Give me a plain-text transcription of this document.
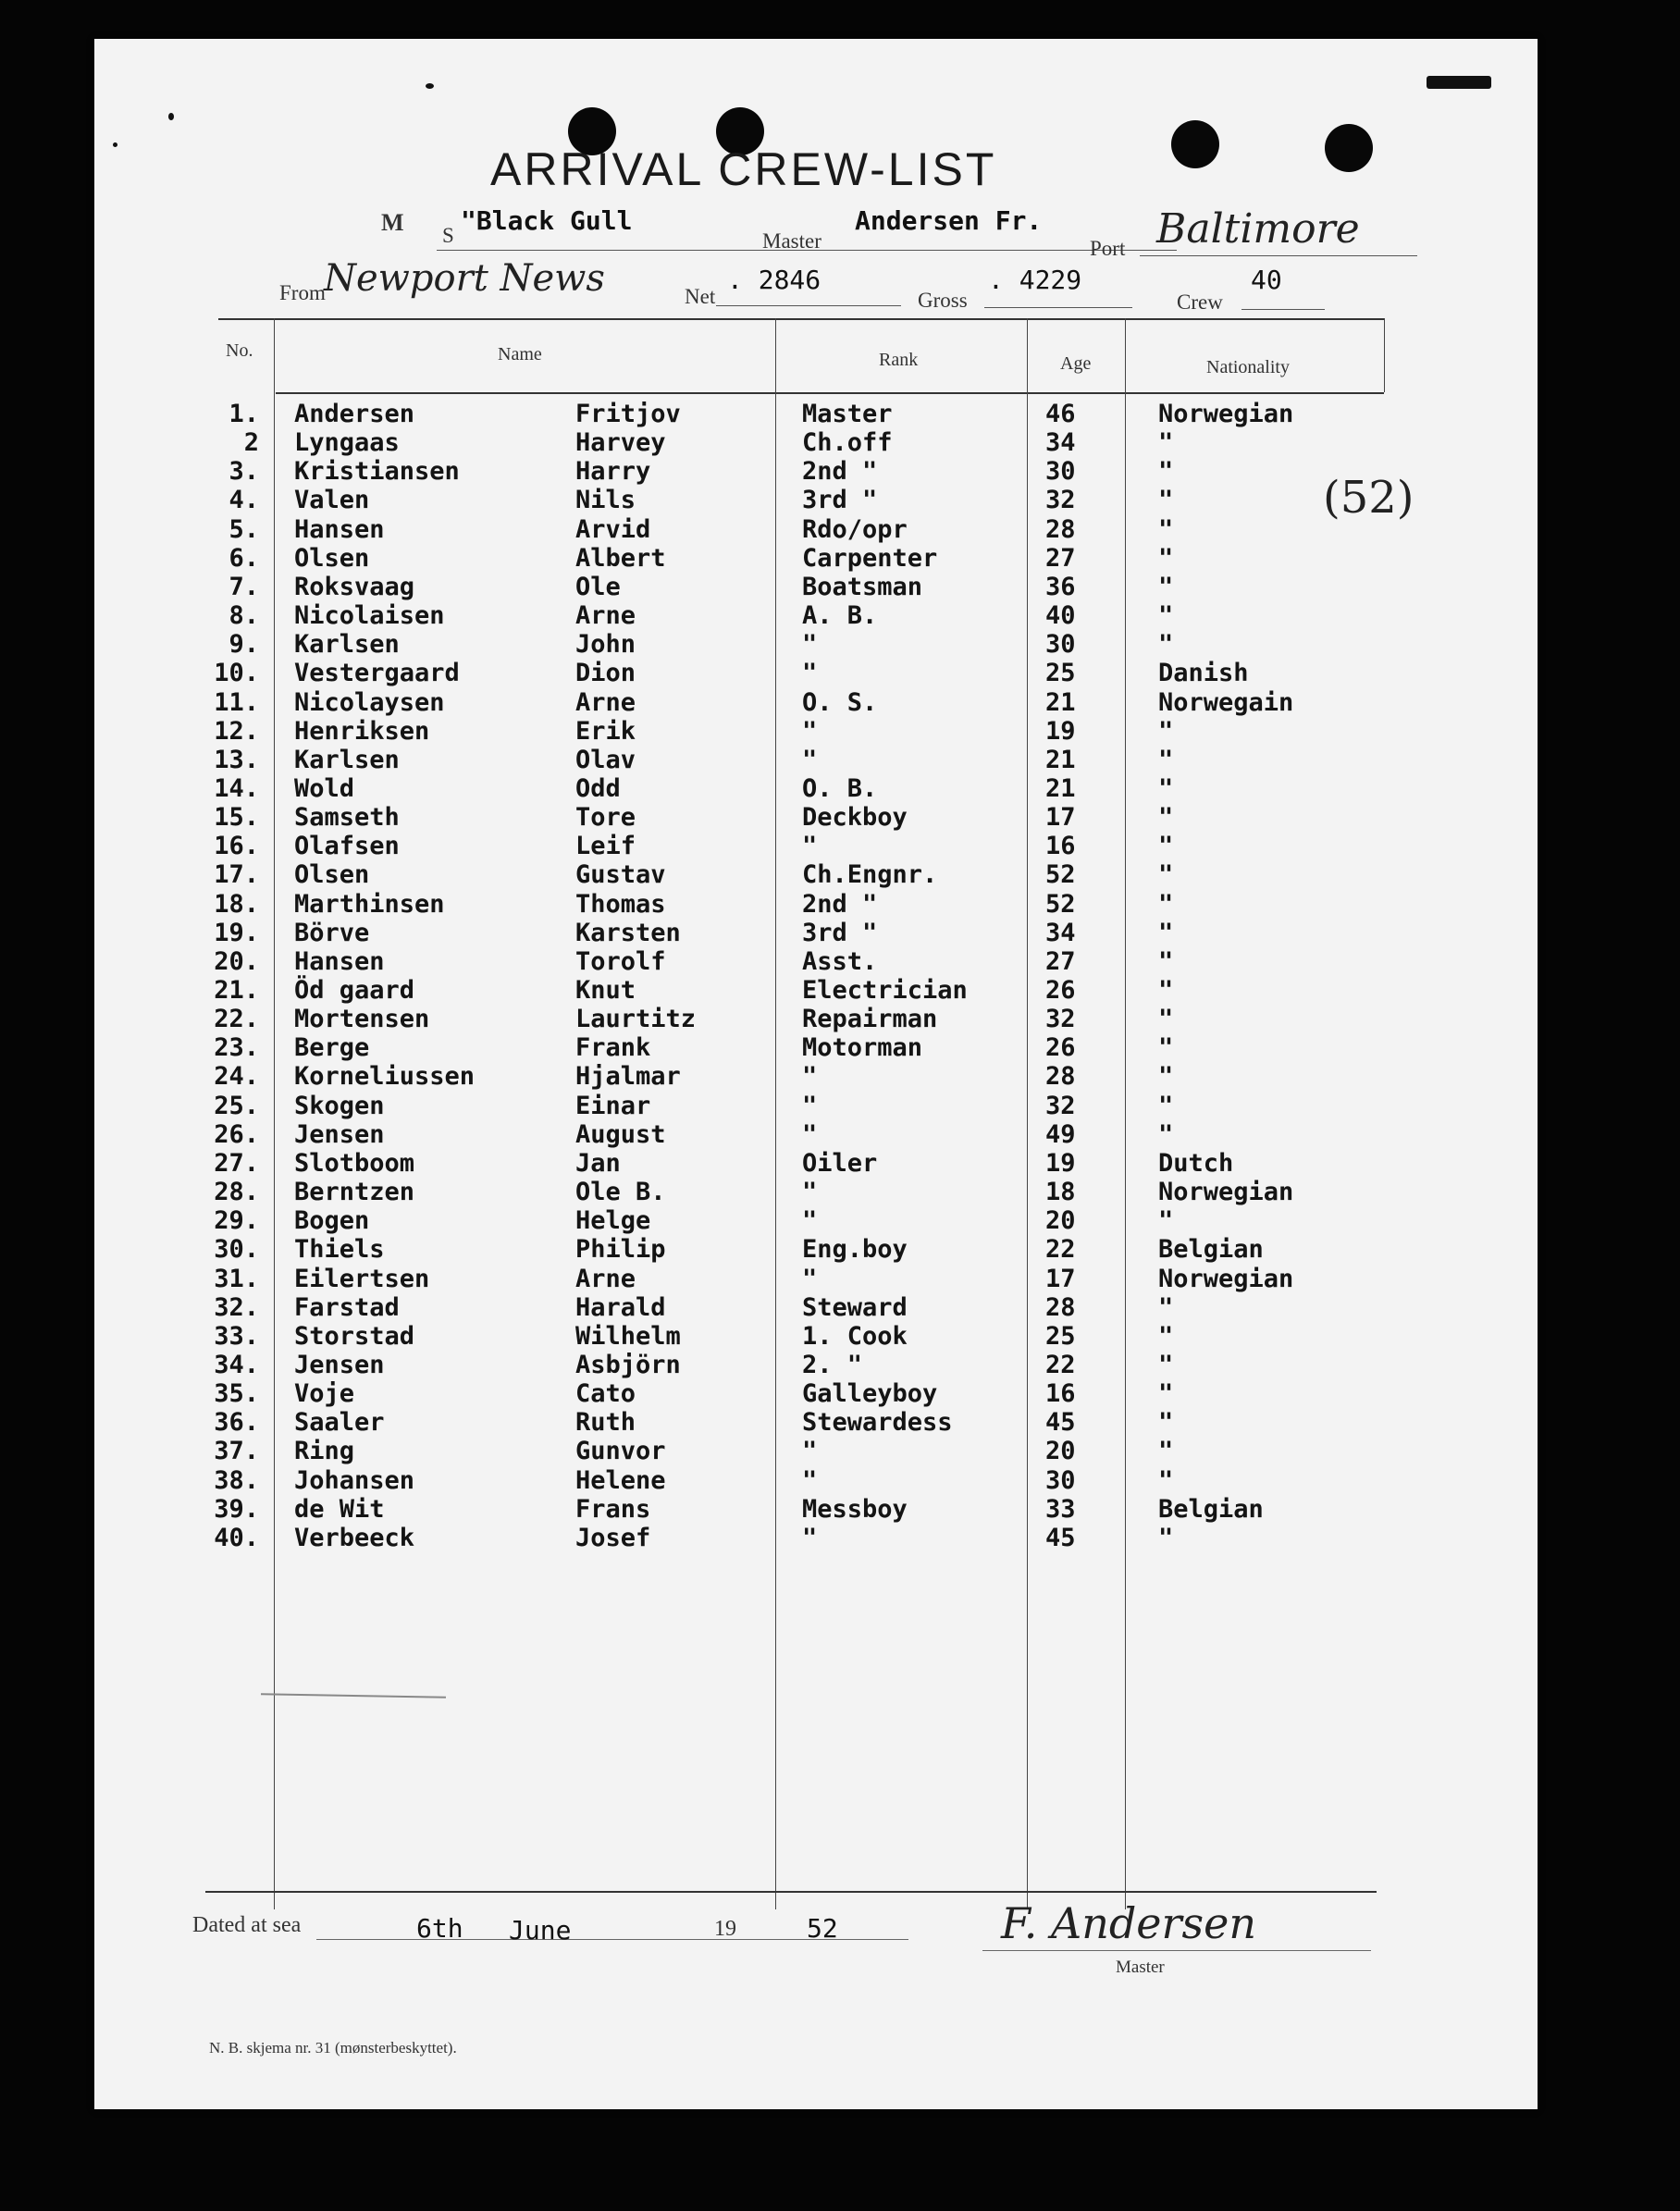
ARRIVAL CREW-LIST
M S "Black Gull
Master
Andersen Fr.
Port Baltimore
From
Newport News	Net
. 2846
Gross
. 4229
Crew
40
No.	Name	Rank	Age	Nationality
(52)
1. Andersen	Fritjov	Master	46	Norwegian
2 Lyngaas	Harvey	Ch.off	34	"
3. Kristiansen	Harry	2nd "	30	"
4. Valen	Nils	3rd "	32	"
5. Hansen	Arvid	Rdo/opr	28	"
6. Olsen	Albert	Carpenter	27	"
7. Roksvaag	Ole	Boatsman	36	"
8. Nicolaisen	Arne	A. B.	40	"
9. Karlsen	John	"	30	"
10. Vestergaard	Dion	"	25	Danish
11. Nicolaysen	Arne	O. S.	21	Norwegain
12. Henriksen	Erik	"	19	"
13. Karlsen	Olav	"	21	"
14. Wold	Odd	O. B.	21	"
15. Samseth	Tore	Deckboy	17	"
16. Olafsen	Leif	"	16	"
17. Olsen	Gustav	Ch.Engnr.	52	"
18. Marthinsen	Thomas	2nd "	52	"
19. Börve	Karsten	3rd "	34	"
20. Hansen	Torolf	Asst.	27	"
21. Öd gaard	Knut	Electrician	26	"
22. Mortensen	Laurtitz	Repairman	32	"
23. Berge	Frank	Motorman	26	"
24. Korneliussen	Hjalmar	"	28	"
25. Skogen	Einar	"	32	"
26. Jensen	August	"	49	"
27. Slotboom	Jan	Oiler	19	Dutch
28. Berntzen	Ole B.	"	18	Norwegian
29. Bogen	Helge	"	20	"
30. Thiels	Philip	Eng.boy	22	Belgian
31. Eilertsen	Arne	"	17	Norwegian
32. Farstad	Harald	Steward	28	"
33. Storstad	Wilhelm	1. Cook	25	"
34. Jensen	Asbjörn	2. "	22	"
35. Voje	Cato	Galleyboy	16	"
36. Saaler	Ruth	Stewardess	45	"
37. Ring	Gunvor	"	20	"
38. Johansen	Helene	"	30	"
39. de Wit	Frans	Messboy	33	Belgian
40. Verbeeck	Josef	"	45	"
Dated at sea	6th June	19	52	F. Andersen
Master
N. B. skjema nr. 31 (mønsterbeskyttet).
